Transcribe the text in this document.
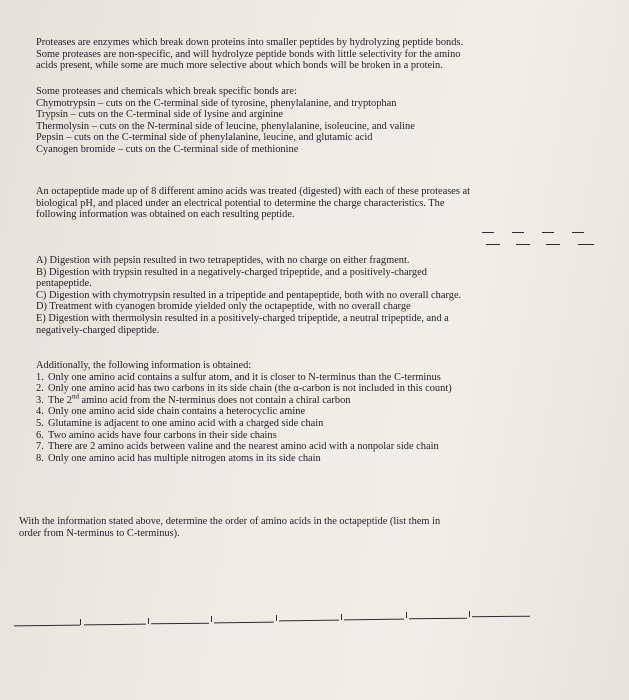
Proteases are enzymes which break down proteins into smaller peptides by hydrolyzing peptide bonds.
Some proteases are non-specific, and will hydrolyze peptide bonds with little selectivity for the amino
acids present, while some are much more selective about which bonds will be broken in a protein.
Some proteases and chemicals which break specific bonds are:
Chymotrypsin – cuts on the C-terminal side of tyrosine, phenylalanine, and tryptophan
Trypsin – cuts on the C-terminal side of lysine and arginine
Thermolysin – cuts on the N-terminal side of leucine, phenylalanine, isoleucine, and valine
Pepsin – cuts on the C-terminal side of phenylalanine, leucine, and glutamic acid
Cyanogen bromide – cuts on the C-terminal side of methionine
An octapeptide made up of 8 different amino acids was treated (digested) with each of these proteases at
biological pH, and placed under an electrical potential to determine the charge characteristics. The
following information was obtained on each resulting peptide.
A) Digestion with pepsin resulted in two tetrapeptides, with no charge on either fragment.
B) Digestion with trypsin resulted in a negatively-charged tripeptide, and a positively-charged
pentapeptide.
C) Digestion with chymotrypsin resulted in a tripeptide and pentapeptide, both with no overall charge.
D) Treatment with cyanogen bromide yielded only the octapeptide, with no overall charge
E) Digestion with thermolysin resulted in a positively-charged tripeptide, a neutral tripeptide, and a
negatively-charged dipeptide.
Additionally, the following information is obtained:
1. Only one amino acid contains a sulfur atom, and it is closer to N-terminus than the C-terminus
2. Only one amino acid has two carbons in its side chain (the α-carbon is not included in this count)
3. The 2nd amino acid from the N-terminus does not contain a chiral carbon
4. Only one amino acid side chain contains a heterocyclic amine
5. Glutamine is adjacent to one amino acid with a charged side chain
6. Two amino acids have four carbons in their side chains
7. There are 2 amino acids between valine and the nearest amino acid with a nonpolar side chain
8. Only one amino acid has multiple nitrogen atoms in its side chain
With the information stated above, determine the order of amino acids in the octapeptide (list them in
order from N-terminus to C-terminus).
